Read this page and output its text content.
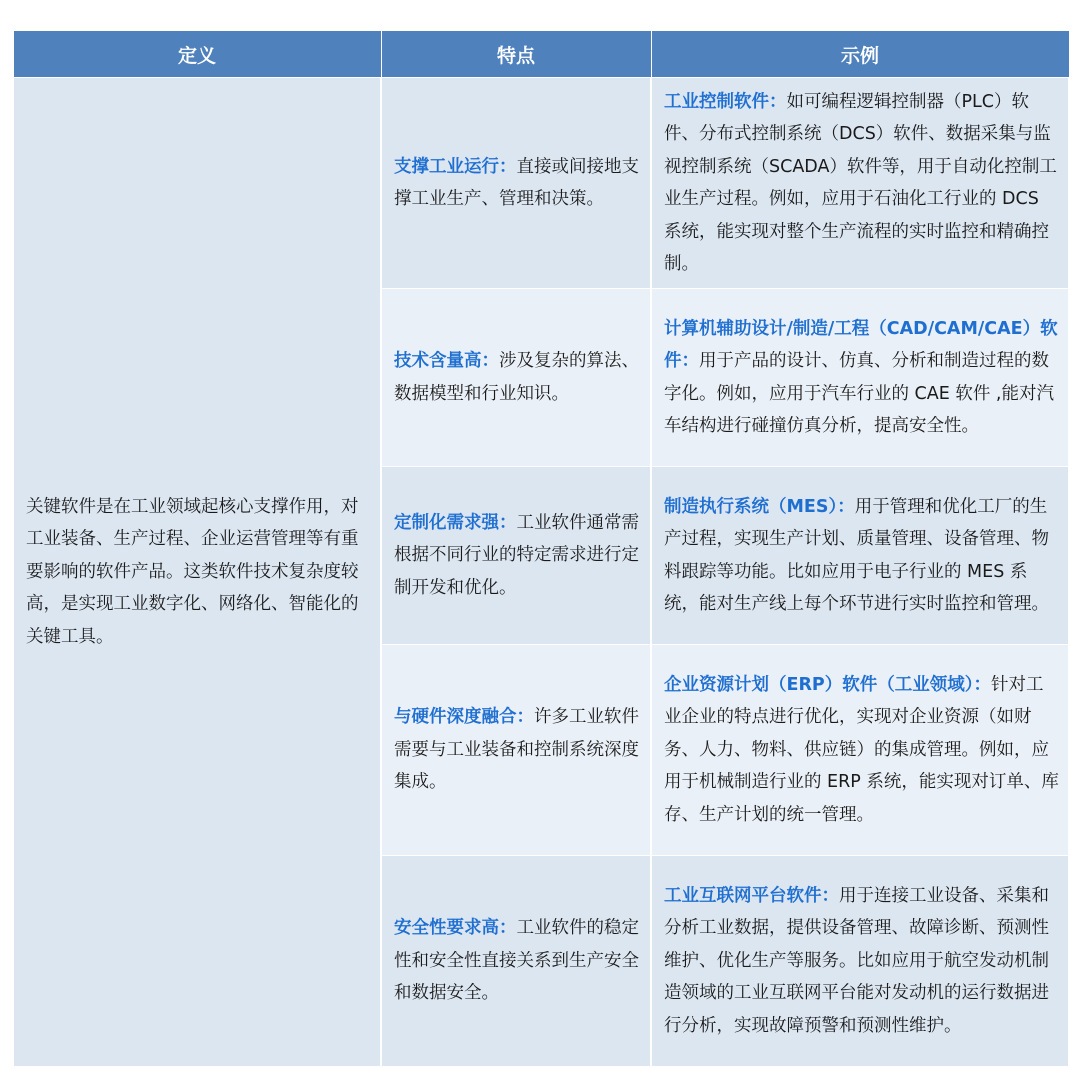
定义	特点	示例
关键软件是在工业领域起核心支撑作用，对工业装备、生产过程、企业运营管理等有重要影响的软件产品。这类软件技术复杂度较高，是实现工业数字化、网络化、智能化的关键工具。	支撑工业运行：直接或间接地支撑工业生产、管理和决策。	工业控制软件：如可编程逻辑控制器（PLC）软件、分布式控制系统（DCS）软件、数据采集与监视控制系统（SCADA）软件等，用于自动化控制工业生产过程。例如，应用于石油化工行业的 DCS 系统，能实现对整个生产流程的实时监控和精确控制。
	技术含量高：涉及复杂的算法、数据模型和行业知识。	计算机辅助设计/制造/工程（CAD/CAM/CAE）软件：用于产品的设计、仿真、分析和制造过程的数字化。例如，应用于汽车行业的 CAE 软件 ,能对汽车结构进行碰撞仿真分析，提高安全性。
	定制化需求强：工业软件通常需根据不同行业的特定需求进行定制开发和优化。	制造执行系统（MES）：用于管理和优化工厂的生产过程，实现生产计划、质量管理、设备管理、物料跟踪等功能。比如应用于电子行业的 MES 系统，能对生产线上每个环节进行实时监控和管理。
	与硬件深度融合：许多工业软件需要与工业装备和控制系统深度集成。	企业资源计划（ERP）软件（工业领域）：针对工业企业的特点进行优化，实现对企业资源（如财务、人力、物料、供应链）的集成管理。例如，应用于机械制造行业的 ERP 系统，能实现对订单、库存、生产计划的统一管理。
	安全性要求高：工业软件的稳定性和安全性直接关系到生产安全和数据安全。	工业互联网平台软件：用于连接工业设备、采集和分析工业数据，提供设备管理、故障诊断、预测性维护、优化生产等服务。比如应用于航空发动机制造领域的工业互联网平台能对发动机的运行数据进行分析，实现故障预警和预测性维护。
